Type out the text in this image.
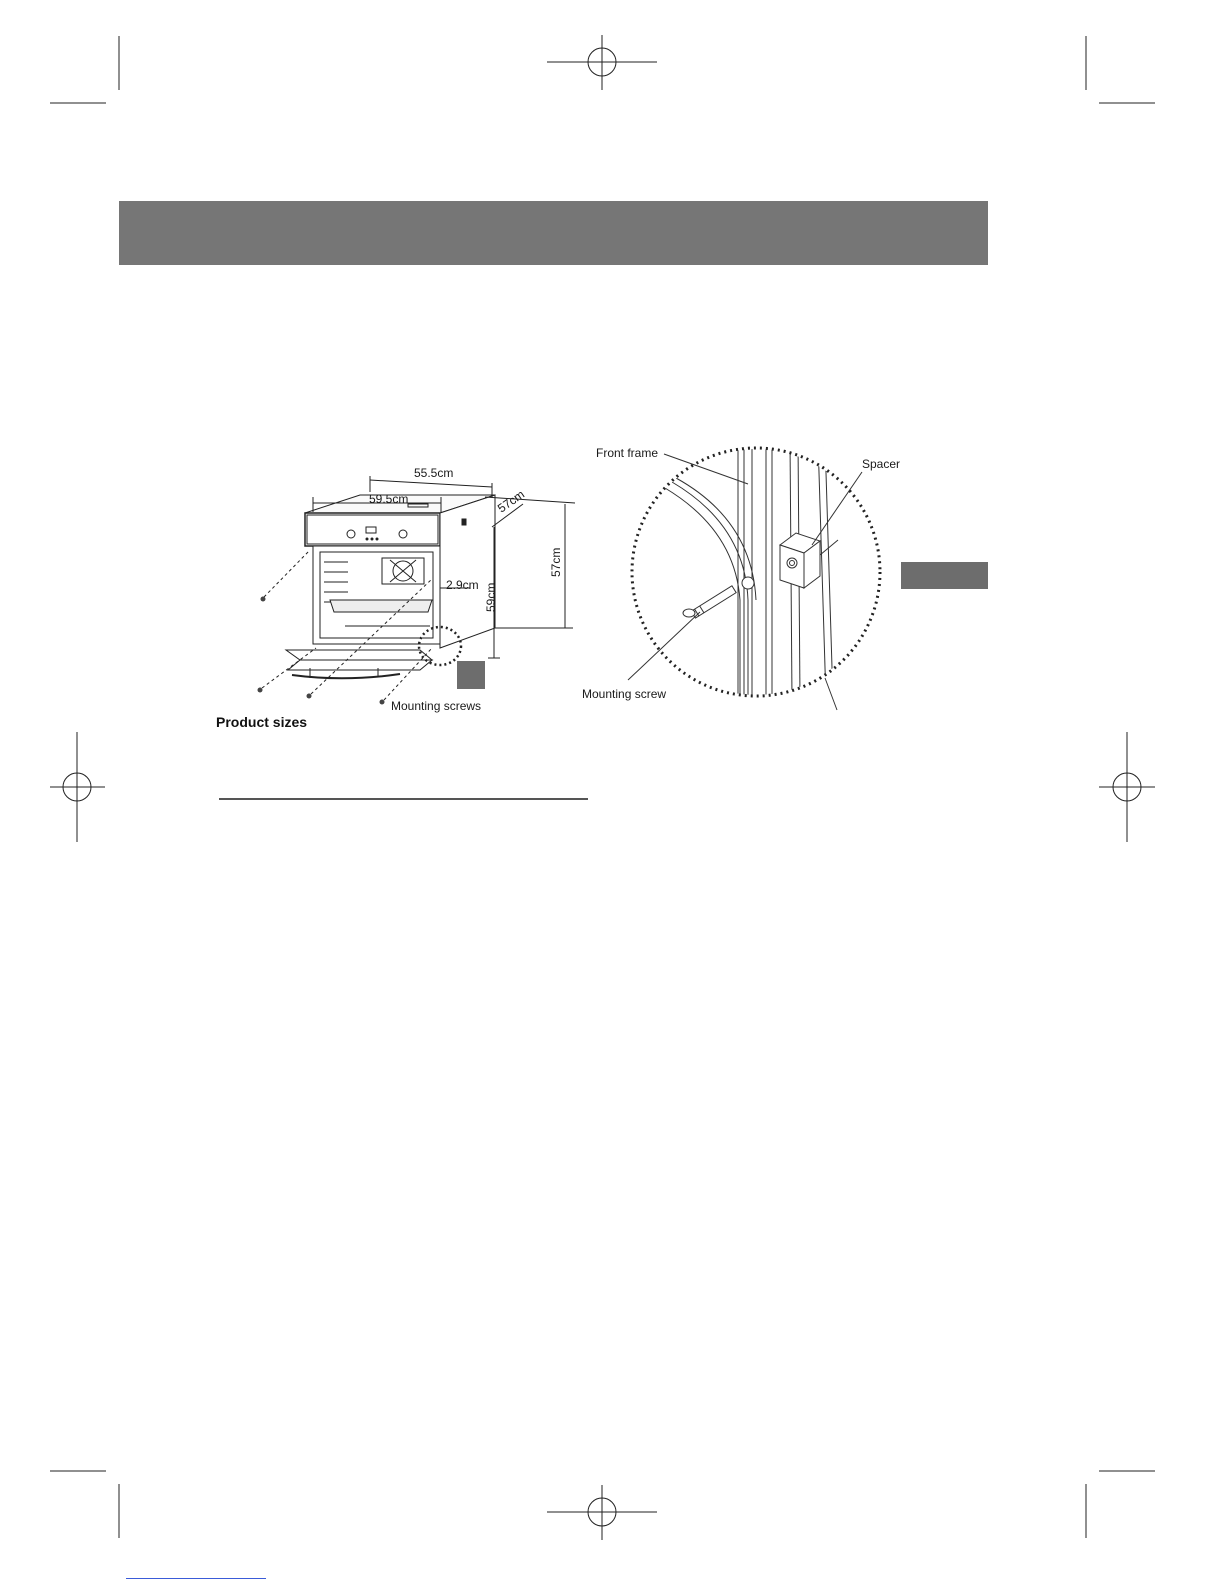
55.5cm
59.5cm	57cm
57cm
59cm
2.9cm
Mounting screws
Product sizes
Front frame
Spacer
Mounting screw
